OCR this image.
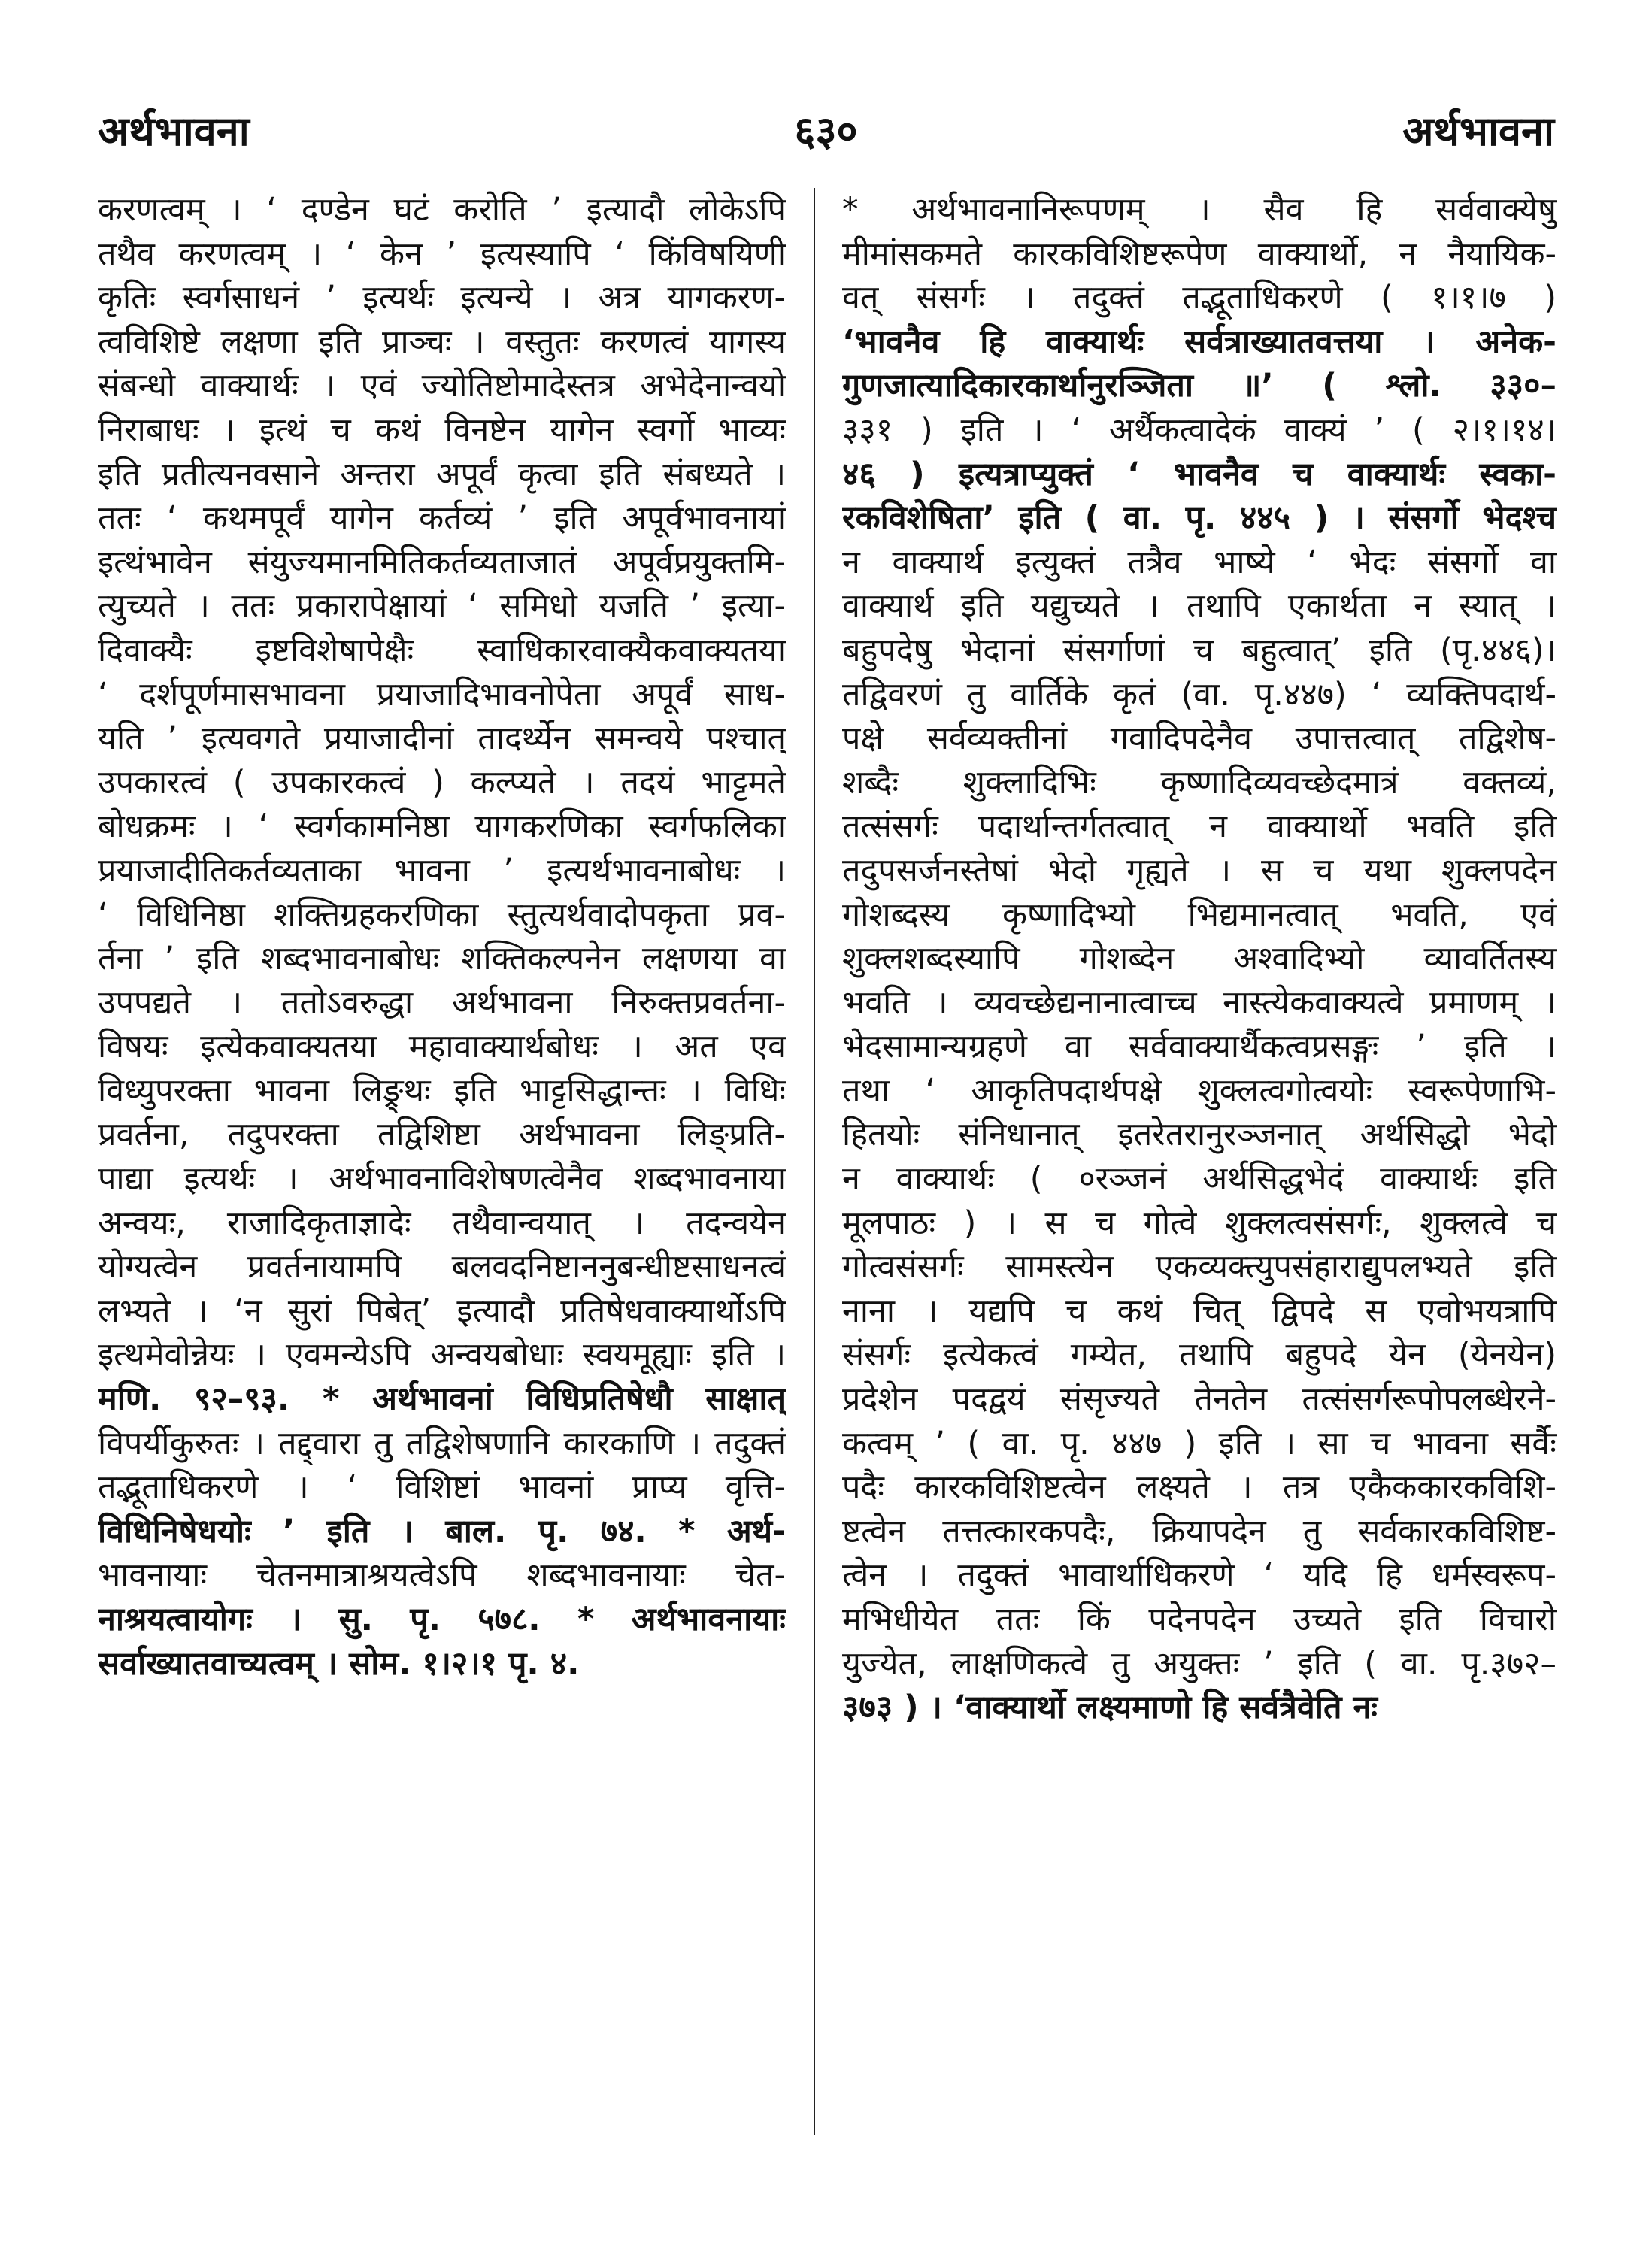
अर्थभावना	६३०	अर्थभावना
करणत्वम् । ‘ दण्डेन घटं करोति ’ इत्यादौ लोकेऽपि
तथैव करणत्वम् । ‘ केन ’ इत्यस्यापि ‘ किंविषयिणी
कृतिः स्वर्गसाधनं ’ इत्यर्थः इत्यन्ये । अत्र यागकरण-
त्वविशिष्टे लक्षणा इति प्राञ्चः । वस्तुतः करणत्वं यागस्य
संबन्धो वाक्यार्थः । एवं ज्योतिष्टोमादेस्तत्र अभेदेनान्वयो
निराबाधः । इत्थं च कथं विनष्टेन यागेन स्वर्गो भाव्यः
इति प्रतीत्यनवसाने अन्तरा अपूर्वं कृत्वा इति संबध्यते ।
ततः ‘ कथमपूर्वं यागेन कर्तव्यं ’ इति अपूर्वभावनायां
इत्थंभावेन संयुज्यमानमितिकर्तव्यताजातं अपूर्वप्रयुक्तमि-
त्युच्यते । ततः प्रकारापेक्षायां ‘ समिधो यजति ’ इत्या-
दिवाक्यैः इष्टविशेषापेक्षैः स्वाधिकारवाक्यैकवाक्यतया
‘ दर्शपूर्णमासभावना प्रयाजादिभावनोपेता अपूर्वं साध-
यति ’ इत्यवगते प्रयाजादीनां तादर्थ्येन समन्वये पश्चात्
उपकारत्वं ( उपकारकत्वं ) कल्प्यते । तदयं भाट्टमते
बोधक्रमः । ‘ स्वर्गकामनिष्ठा यागकरणिका स्वर्गफलिका
प्रयाजादीतिकर्तव्यताका भावना ’ इत्यर्थभावनाबोधः ।
‘ विधिनिष्ठा शक्तिग्रहकरणिका स्तुत्यर्थवादोपकृता प्रव-
र्तना ’ इति शब्दभावनाबोधः शक्तिकल्पनेन लक्षणया वा
उपपद्यते । ततोऽवरुद्धा अर्थभावना निरुक्तप्रवर्तना-
विषयः इत्येकवाक्यतया महावाक्यार्थबोधः । अत एव
विध्युपरक्ता भावना लिङ्र्थः इति भाट्टसिद्धान्तः । विधिः
प्रवर्तना, तदुपरक्ता तद्विशिष्टा अर्थभावना लिङ्प्रति-
पाद्या इत्यर्थः । अर्थभावनाविशेषणत्वेनैव शब्दभावनाया
अन्वयः, राजादिकृताज्ञादेः तथैवान्वयात् । तदन्वयेन
योग्यत्वेन प्रवर्तनायामपि बलवदनिष्टाननुबन्धीष्टसाधनत्वं
लभ्यते । ‘न सुरां पिबेत्’ इत्यादौ प्रतिषेधवाक्यार्थोऽपि
इत्थमेवोन्नेयः । एवमन्येऽपि अन्वयबोधाः स्वयमूह्याः इति ।
मणि. ९२–९३. * अर्थभावनां विधिप्रतिषेधौ साक्षात्
विपर्यीकुरुतः । तद्द्वारा तु तद्विशेषणानि कारकाणि । तदुक्तं
तद्भूताधिकरणे । ‘ विशिष्टां भावनां प्राप्य वृत्ति-
विधिनिषेधयोः ’ इति । बाल. पृ. ७४. * अर्थ-
भावनायाः चेतनमात्राश्रयत्वेऽपि शब्दभावनायाः चेत-
नाश्रयत्वायोगः । सु. पृ. ५७८. * अर्थभावनायाः
सर्वाख्यातवाच्यत्वम् । सोम. १।२।१ पृ. ४.
* अर्थभावनानिरूपणम् । सैव हि सर्ववाक्येषु
मीमांसकमते कारकविशिष्टरूपेण वाक्यार्थो, न नैयायिक-
वत् संसर्गः । तदुक्तं तद्भूताधिकरणे ( १।१।७ )
‘भावनैव हि वाक्यार्थः सर्वत्राख्यातवत्तया । अनेक-
गुणजात्यादिकारकार्थानुरञ्जिता ॥’ ( श्लो. ३३०–
३३१ ) इति । ‘ अर्थैकत्वादेकं वाक्यं ’ ( २।१।१४।
४६ ) इत्यत्राप्युक्तं ‘ भावनैव च वाक्यार्थः स्वका-
रकविशेषिता’ इति ( वा. पृ. ४४५ ) । संसर्गो भेदश्च
न वाक्यार्थ इत्युक्तं तत्रैव भाष्ये ‘ भेदः संसर्गो वा
वाक्यार्थ इति यद्युच्यते । तथापि एकार्थता न स्यात् ।
बहुपदेषु भेदानां संसर्गाणां च बहुत्वात्’ इति (पृ.४४६)।
तद्विवरणं तु वार्तिके कृतं (वा. पृ.४४७) ‘ व्यक्तिपदार्थ-
पक्षे सर्वव्यक्तीनां गवादिपदेनैव उपात्तत्वात् तद्विशेष-
शब्दैः शुक्लादिभिः कृष्णादिव्यवच्छेदमात्रं वक्तव्यं,
तत्संसर्गः पदार्थान्तर्गतत्वात् न वाक्यार्थो भवति इति
तदुपसर्जनस्तेषां भेदो गृह्यते । स च यथा शुक्लपदेन
गोशब्दस्य कृष्णादिभ्यो भिद्यमानत्वात् भवति, एवं
शुक्लशब्दस्यापि गोशब्देन अश्वादिभ्यो व्यावर्तितस्य
भवति । व्यवच्छेद्यनानात्वाच्च नास्त्येकवाक्यत्वे प्रमाणम् ।
भेदसामान्यग्रहणे वा सर्ववाक्यार्थैकत्वप्रसङ्गः ’ इति ।
तथा ‘ आकृतिपदार्थपक्षे शुक्लत्वगोत्वयोः स्वरूपेणाभि-
हितयोः संनिधानात् इतरेतरानुरञ्जनात् अर्थसिद्धो भेदो
न वाक्यार्थः ( ०रञ्जनं अर्थसिद्धभेदं वाक्यार्थः इति
मूलपाठः ) । स च गोत्वे शुक्लत्वसंसर्गः, शुक्लत्वे च
गोत्वसंसर्गः सामस्त्येन एकव्यक्त्युपसंहाराद्युपलभ्यते इति
नाना । यद्यपि च कथं चित् द्विपदे स एवोभयत्रापि
संसर्गः इत्येकत्वं गम्येत, तथापि बहुपदे येन (येनयेन)
प्रदेशेन पदद्वयं संसृज्यते तेनतेन तत्संसर्गरूपोपलब्धेरने-
कत्वम् ’ ( वा. पृ. ४४७ ) इति । सा च भावना सर्वैः
पदैः कारकविशिष्टत्वेन लक्ष्यते । तत्र एकैककारकविशि-
ष्टत्वेन तत्तत्कारकपदैः, क्रियापदेन तु सर्वकारकविशिष्ट-
त्वेन । तदुक्तं भावार्थाधिकरणे ‘ यदि हि धर्मस्वरूप-
मभिधीयेत ततः किं पदेनपदेन उच्यते इति विचारो
युज्येत, लाक्षणिकत्वे तु अयुक्तः ’ इति ( वा. पृ.३७२–
३७३ ) । ‘वाक्यार्थो लक्ष्यमाणो हि सर्वत्रैवेति नः
